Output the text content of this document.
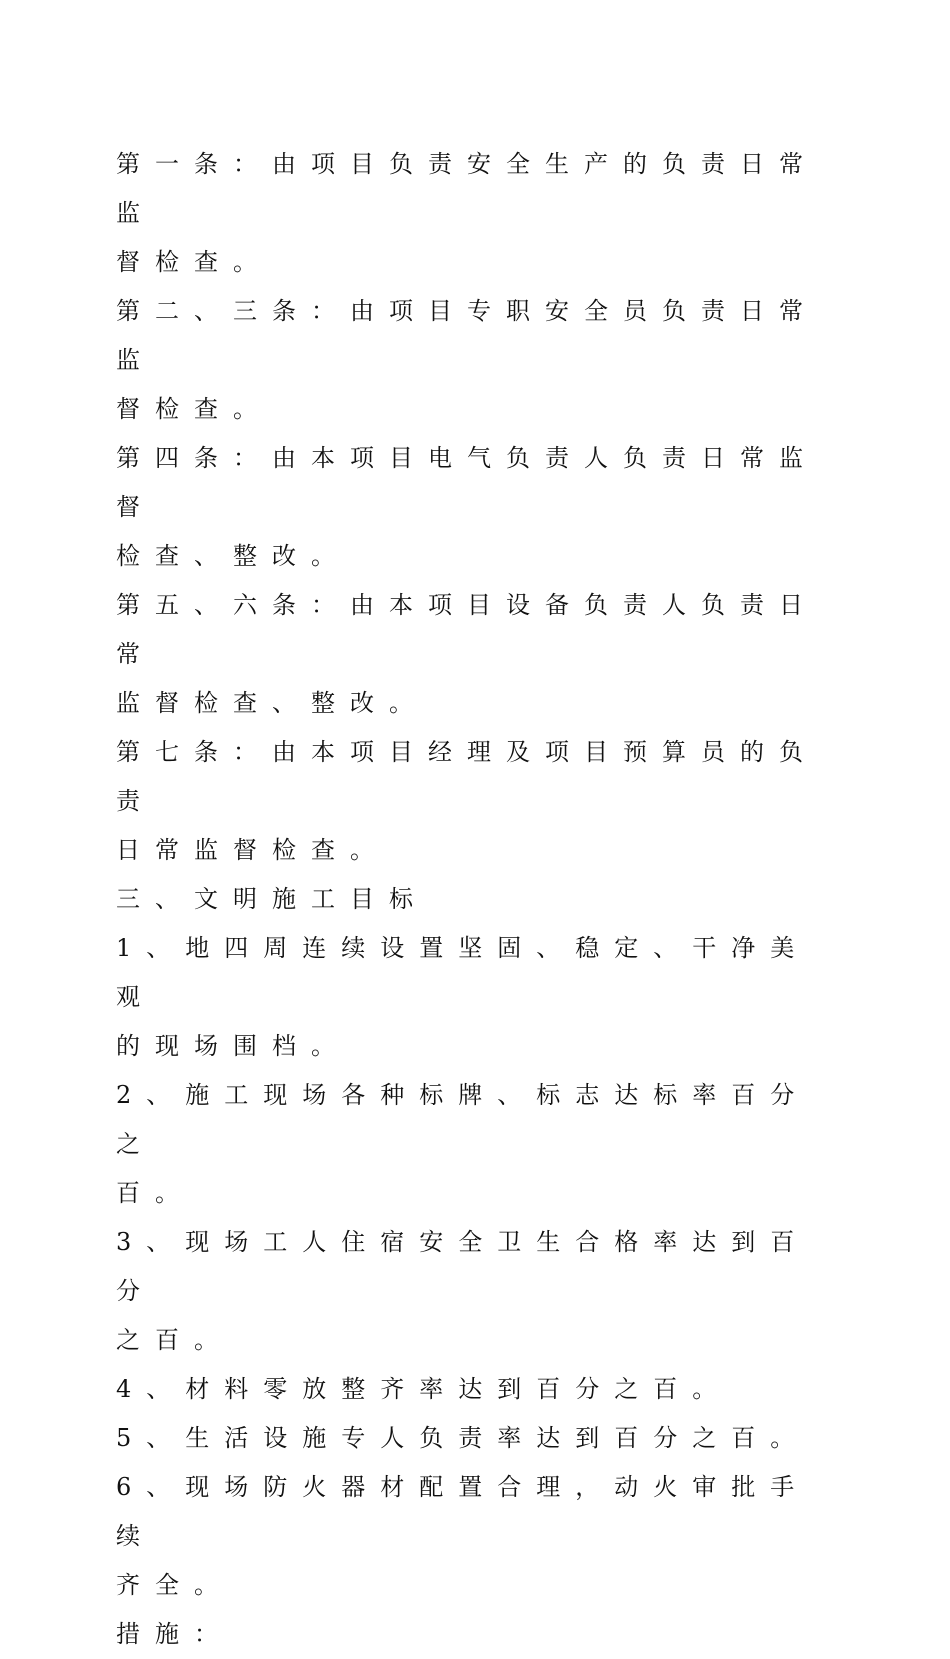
第一条：由项目负责安全生产的负责日常监

督检查。

第二、三条：由项目专职安全员负责日常监

督检查。

第四条：由本项目电气负责人负责日常监督

检查、整改。

第五、六条：由本项目设备负责人负责日常

监督检查、整改。

第七条：由本项目经理及项目预算员的负责

日常监督检查。

三、文明施工目标

1、地四周连续设置坚固、稳定、干净美观

的现场围档。

2、施工现场各种标牌、标志达标率百分之

百。

3、现场工人住宿安全卫生合格率达到百分

之百。

4、材料零放整齐率达到百分之百。

5、生活设施专人负责率达到百分之百。

6、现场防火器材配置合理，动火审批手续

齐全。

措施：
